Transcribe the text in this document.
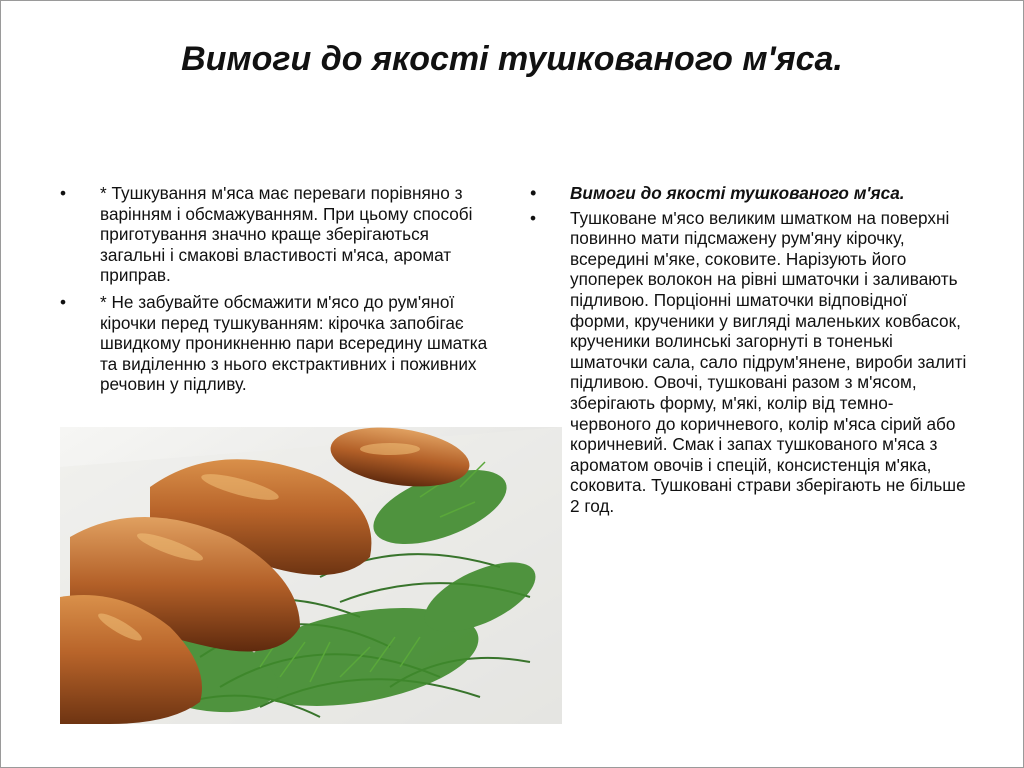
Вимоги до якості тушкованого м'яса.
•	* Тушкування м'яса має переваги порівняно з варінням і обсмажуванням. При цьому способі приготування значно краще зберігаються загальні і смакові властивості м'яса, аромат приправ.
•	* Не забувайте обсмажити м'ясо до рум'яної кірочки перед тушкуванням: кірочка запобігає швидкому проникненню пари всередину шматка та виділенню з нього екстрактивних і поживних речовин у підливу.
•	Вимоги до якості тушкованого м'яса.
•	Тушковане м'ясо великим шматком на поверхні повинно мати підсмажену рум'яну кірочку, всередині м'яке, соковите. Нарізують його упоперек волокон на рівні шматочки і заливають підливою. Порціонні шматочки відповідної форми, крученики у вигляді маленьких ковбасок, крученики волинські загорнуті в тоненькі шматочки сала, сало підрум'янене, вироби залиті підливою. Овочі, тушковані разом з м'ясом, зберігають форму, м'які, колір від темно-червоного до коричневого, колір м'яса сірий або коричневий. Смак і запах тушкованого м'яса з ароматом овочів і спецій, консистенція м'яка, соковита. Тушковані страви зберігають не більше 2 год.
